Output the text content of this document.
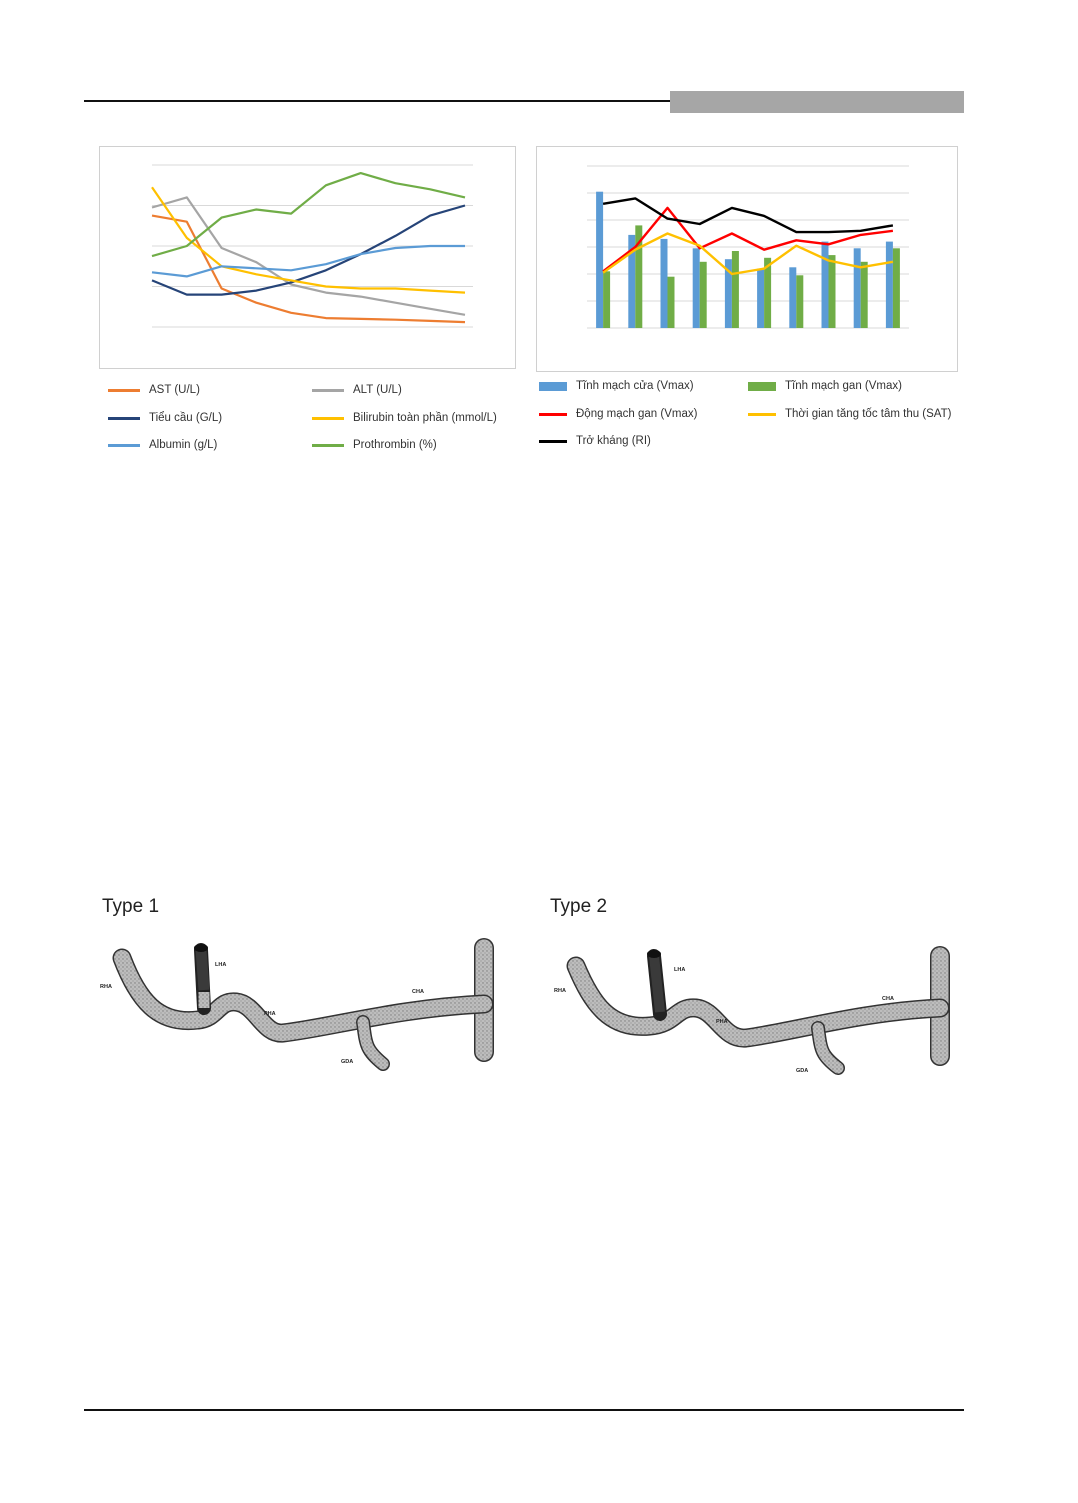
AST (U/L)	ALT (U/L)
Tiểu cầu (G/L)	Bilirubin toàn phần (mmol/L)
Albumin (g/L)	Prothrombin (%)
Tĩnh mạch cửa (Vmax)	Tĩnh mạch gan (Vmax)
Động mạch gan (Vmax)	Thời gian tăng tốc tâm thu (SAT)
Trở kháng (RI)
Type 1
RHA
LHA
PHA
CHA
GDA
Type 2
RHA
LHA
PHA
CHA
GDA
